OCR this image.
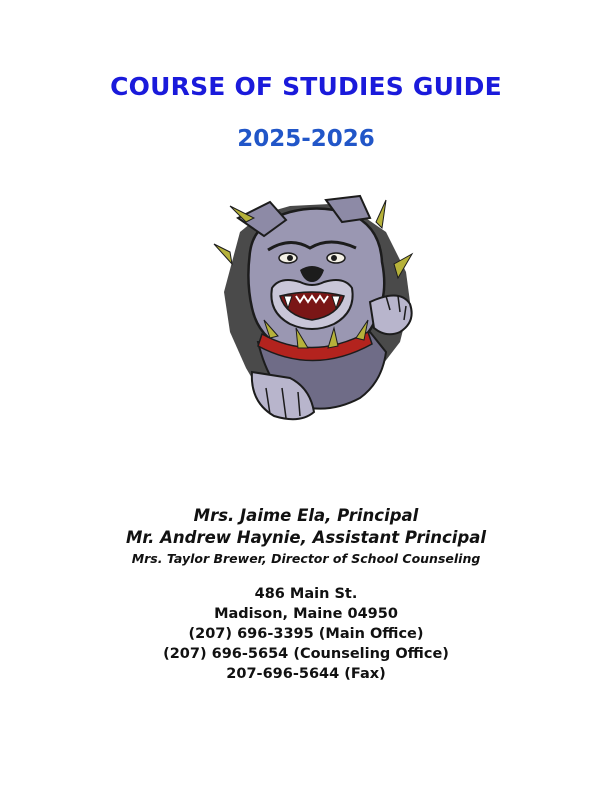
COURSE OF STUDIES GUIDE
2025-2026
Mrs. Jaime Ela, Principal
Mr. Andrew Haynie, Assistant Principal
Mrs. Taylor Brewer, Director of School Counseling
486 Main St.
Madison, Maine 04950
(207) 696-3395 (Main Office)
(207) 696-5654 (Counseling Office)
207-696-5644 (Fax)
